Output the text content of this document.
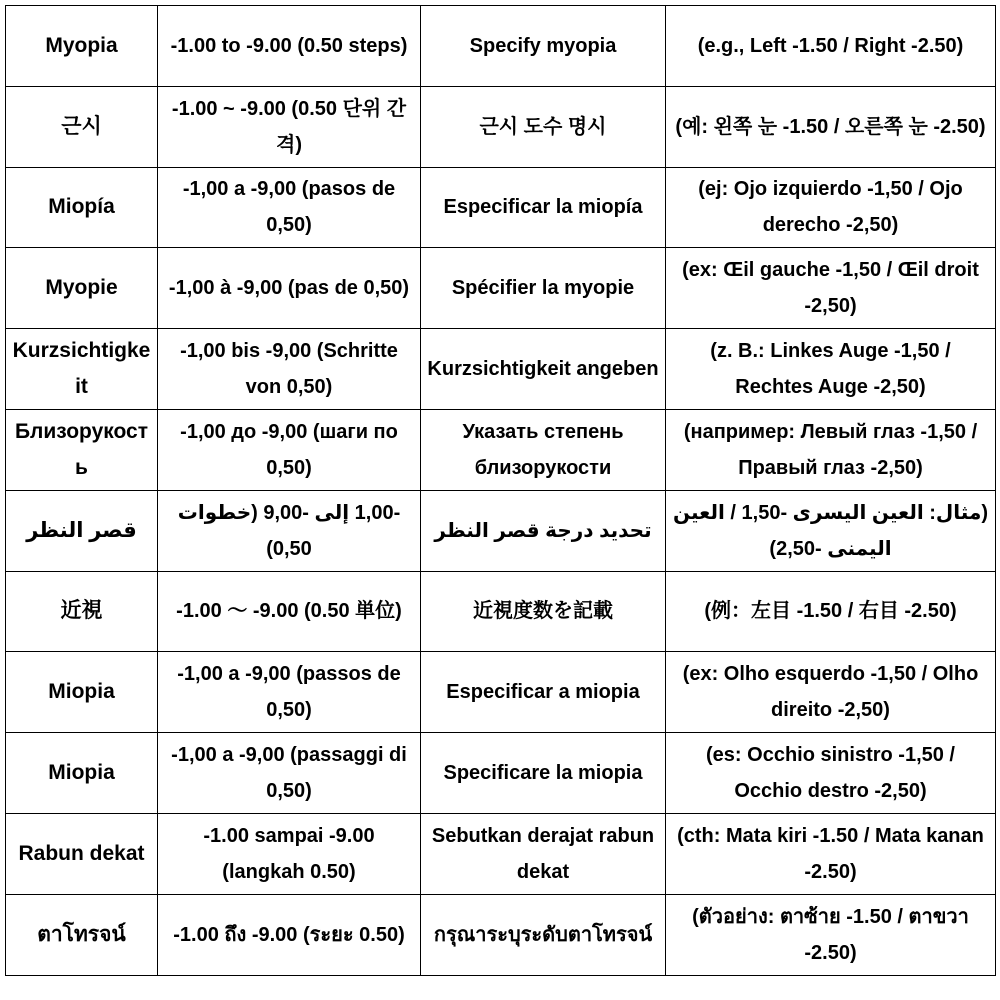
Myopia	-1.00 to -9.00 (0.50 steps)	Specify myopia	(e.g., Left -1.50 / Right -2.50)
근시	-1.00 ~ -9.00 (0.50 단위 간격)	근시 도수 명시	(예: 왼쪽 눈 -1.50 / 오른쪽 눈 -2.50)
Miopía	-1,00 a -9,00 (pasos de 0,50)	Especificar la miopía	(ej: Ojo izquierdo -1,50 / Ojo derecho -2,50)
Myopie	-1,00 à -9,00 (pas de 0,50)	Spécifier la myopie	(ex: Œil gauche -1,50 / Œil droit -2,50)
Kurzsichtigkeit	-1,00 bis -9,00 (Schritte von 0,50)	Kurzsichtigkeit angeben	(z. B.: Linkes Auge -1,50 / Rechtes Auge -2,50)
Близорукость	-1,00 до -9,00 (шаги по 0,50)	Указать степень близорукости	(например: Левый глаз -1,50 / Правый глаз -2,50)
قصر النظر	-1,00 إلى -9,00 (خطوات 0,50)	تحديد درجة قصر النظر	(مثال: العين اليسرى -1,50 / العين اليمنى -2,50)
近視	-1.00 ～ -9.00 (0.50 単位)	近視度数を記載	(例：左目 -1.50 / 右目 -2.50)
Miopia	-1,00 a -9,00 (passos de 0,50)	Especificar a miopia	(ex: Olho esquerdo -1,50 / Olho direito -2,50)
Miopia	-1,00 a -9,00 (passaggi di 0,50)	Specificare la miopia	(es: Occhio sinistro -1,50 / Occhio destro -2,50)
Rabun dekat	-1.00 sampai -9.00 (langkah 0.50)	Sebutkan derajat rabun dekat	(cth: Mata kiri -1.50 / Mata kanan -2.50)
ตาโทรจน์	-1.00 ถึง -9.00 (ระยะ 0.50)	กรุณาระบุระดับตาโทรจน์	(ตัวอย่าง: ตาซ้าย -1.50 / ตาขวา -2.50)
